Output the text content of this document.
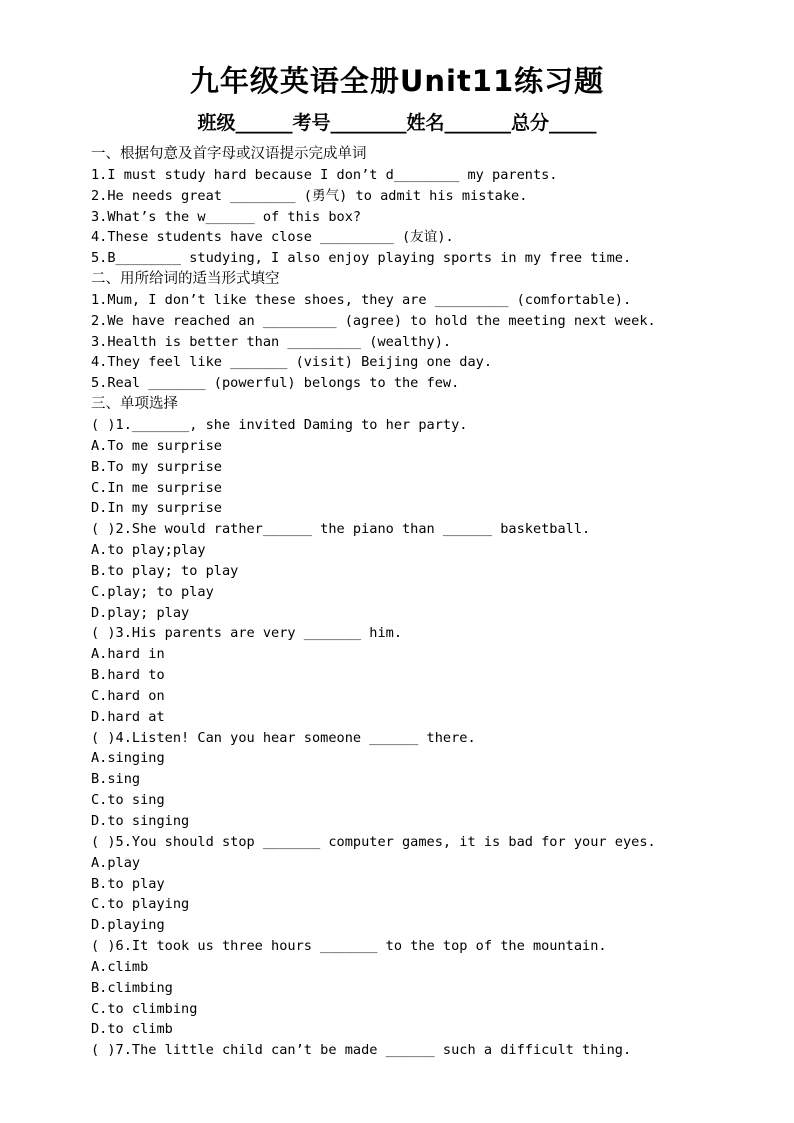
九年级英语全册Unit11练习题
班级______考号________姓名_______总分_____
一、根据句意及首字母或汉语提示完成单词
1.I must study hard because I don’t d________ my parents.
2.He needs great ________ (勇气) to admit his mistake.
3.What’s the w______ of this box?
4.These students have close _________ (友谊).
5.B________ studying, I also enjoy playing sports in my free time.
二、用所给词的适当形式填空
1.Mum, I don’t like these shoes, they are _________ (comfortable).
2.We have reached an _________ (agree) to hold the meeting next week.
3.Health is better than _________ (wealthy).
4.They feel like _______ (visit) Beijing one day.
5.Real _______ (powerful) belongs to the few.
三、单项选择
( )1._______, she invited Daming to her party.
A.To me surprise
B.To my surprise
C.In me surprise
D.In my surprise
( )2.She would rather______ the piano than ______ basketball.
A.to play;play
B.to play; to play
C.play; to play
D.play; play
( )3.His parents are very _______ him.
A.hard in
B.hard to
C.hard on
D.hard at
( )4.Listen! Can you hear someone ______ there.
A.singing
B.sing
C.to sing
D.to singing
( )5.You should stop _______ computer games, it is bad for your eyes.
A.play
B.to play
C.to playing
D.playing
( )6.It took us three hours _______ to the top of the mountain.
A.climb
B.climbing
C.to climbing
D.to climb
( )7.The little child can’t be made ______ such a difficult thing.
